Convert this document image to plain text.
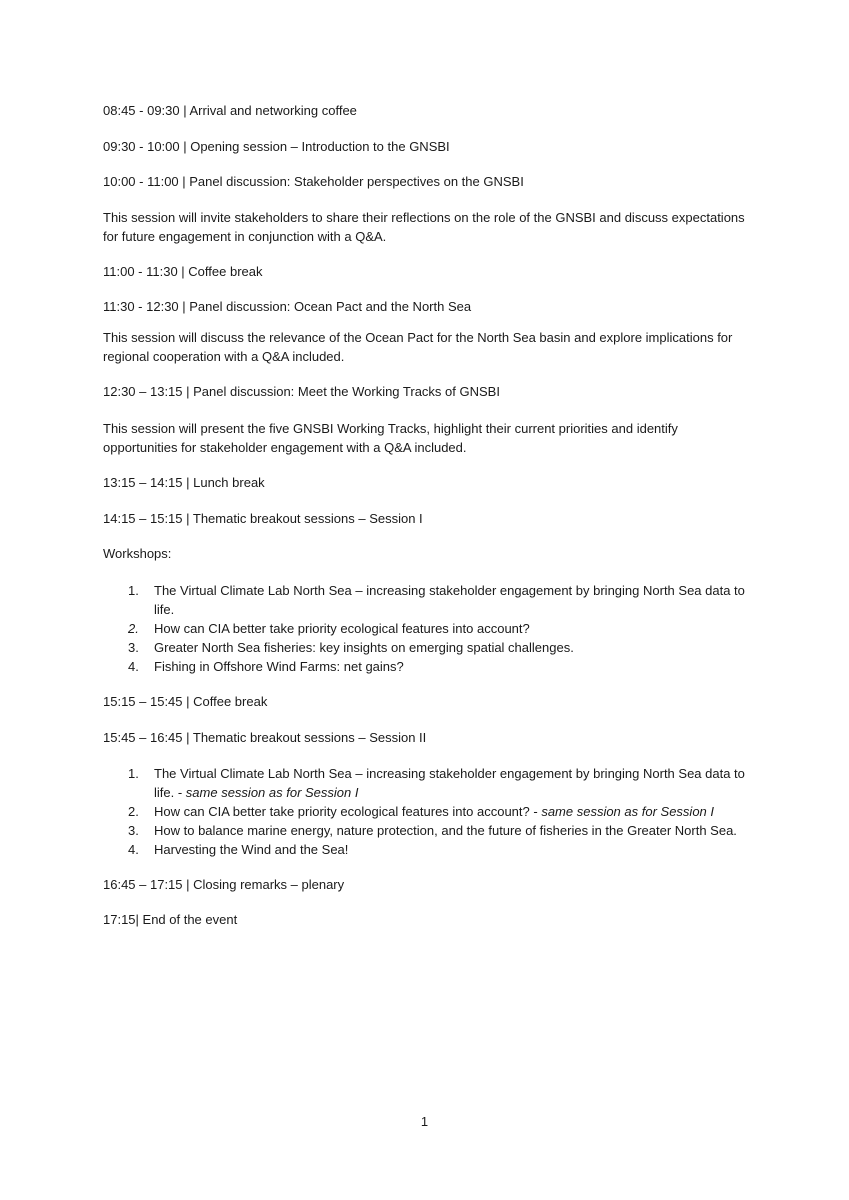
08:45 - 09:30 | Arrival and networking coffee
09:30 - 10:00 | Opening session – Introduction to the GNSBI
10:00 - 11:00 | Panel discussion: Stakeholder perspectives on the GNSBI
This session will invite stakeholders to share their reflections on the role of the GNSBI and discuss expectations for future engagement in conjunction with a Q&A.
11:00 - 11:30 | Coffee break
11:30 - 12:30 | Panel discussion: Ocean Pact and the North Sea
This session will discuss the relevance of the Ocean Pact for the North Sea basin and explore implications for regional cooperation with a Q&A included.
12:30 – 13:15 | Panel discussion: Meet the Working Tracks of GNSBI
This session will present the five GNSBI Working Tracks, highlight their current priorities and identify opportunities for stakeholder engagement with a Q&A included.
13:15 – 14:15 | Lunch break
14:15 – 15:15 | Thematic breakout sessions – Session I
Workshops:
1. The Virtual Climate Lab North Sea – increasing stakeholder engagement by bringing North Sea data to life.
2. How can CIA better take priority ecological features into account?
3. Greater North Sea fisheries: key insights on emerging spatial challenges.
4. Fishing in Offshore Wind Farms: net gains?
15:15 – 15:45 | Coffee break
15:45 – 16:45 | Thematic breakout sessions – Session II
1. The Virtual Climate Lab North Sea – increasing stakeholder engagement by bringing North Sea data to life. - same session as for Session I
2. How can CIA better take priority ecological features into account? - same session as for Session I
3. How to balance marine energy, nature protection, and the future of fisheries in the Greater North Sea.
4. Harvesting the Wind and the Sea!
16:45 – 17:15 | Closing remarks – plenary
17:15| End of the event
1
